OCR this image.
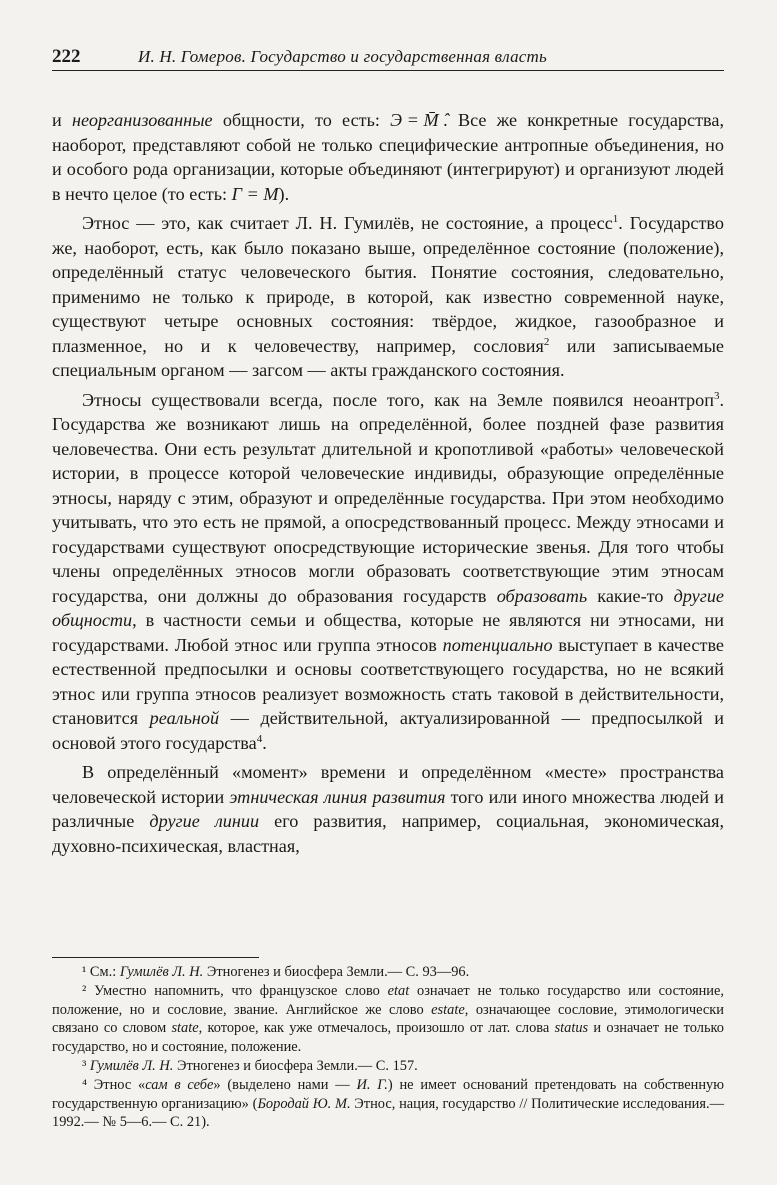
222	И. Н. Гомеров. Государство и государственная власть

и неорганизованные общности, то есть: Э = M̄̄ ̂. Все же конкретные государства, наоборот, представляют собой не только специфические антропные объединения, но и особого рода организации, которые объединяют (интегрируют) и организуют людей в нечто целое (то есть: Г = M).

Этнос — это, как считает Л. Н. Гумилёв, не состояние, а процесс$^1$. Государство же, наоборот, есть, как было показано выше, определённое состояние (положение), определённый статус человеческого бытия. Понятие состояния, следовательно, применимо не только к природе, в которой, как известно современной науке, существуют четыре основных состояния: твёрдое, жидкое, газообразное и плазменное, но и к человечеству, например, сословия$^2$ или записываемые специальным органом — загсом — акты гражданского состояния.

Этносы существовали всегда, после того, как на Земле появился неоантроп$^3$. Государства же возникают лишь на определённой, более поздней фазе развития человечества. Они есть результат длительной и кропотливой «работы» человеческой истории, в процессе которой человеческие индивиды, образующие определённые этносы, наряду с этим, образуют и определённые государства. При этом необходимо учитывать, что это есть не прямой, а опосредствованный процесс. Между этносами и государствами существуют опосредствующие исторические звенья. Для того чтобы члены определённых этносов могли образовать соответствующие этим этносам государства, они должны до образования государств образовать какие-то другие общности, в частности семьи и общества, которые не являются ни этносами, ни государствами. Любой этнос или группа этносов потенциально выступает в качестве естественной предпосылки и основы соответствующего государства, но не всякий этнос или группа этносов реализует возможность стать таковой в действительности, становится реальной — действительной, актуализированной — предпосылкой и основой этого государства$^4$.

В определённый «момент» времени и определённом «месте» пространства человеческой истории этническая линия развития того или иного множества людей и различные другие линии его развития, например, социальная, экономическая, духовно-психическая, властная,

¹ См.: Гумилёв Л. Н. Этногенез и биосфера Земли.— С. 93—96.

² Уместно напомнить, что французское слово etat означает не только государство или состояние, положение, но и сословие, звание. Английское же слово estate, означающее сословие, этимологически связано со словом state, которое, как уже отмечалось, произошло от лат. слова status и означает не только государство, но и состояние, положение.

³ Гумилёв Л. Н. Этногенез и биосфера Земли.— С. 157.

⁴ Этнос «сам в себе» (выделено нами — И. Г.) не имеет оснований претендовать на собственную государственную организацию» (Бородай Ю. М. Этнос, нация, государство // Политические исследования.— 1992.— № 5—6.— С. 21).
